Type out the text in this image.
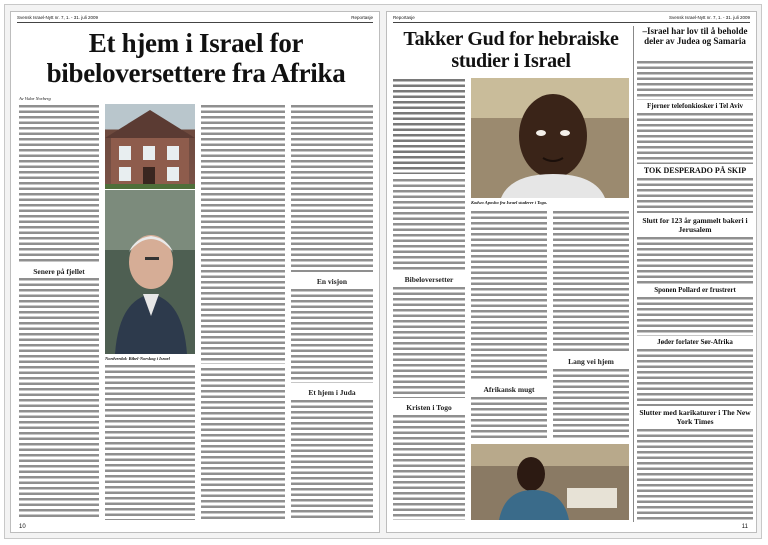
Svensk Israel-Nytt nr. 7, 1. - 31. juli 2009	Reportasje
Et hjem i Israel for bibeloversettere fra Afrika
Av Vidar Norberg
Senere på fjellet
Nordverdal: Bibel-Norskog i Israel
En visjon
Et hjem i Juda
10
Reportasje	Svensk Israel-Nytt nr. 7, 1. - 31. juli 2009
Takker Gud for hebraiske studier i Israel
Kodwo Aposho fra Israel studerer i Togo.
Bibeloversetter
Kristen i Togo
Afrikansk mugt
Lang vei hjem
–Israel har lov til å beholde deler av Judea og Samaria
Fjerner telefonkiosker i Tel Aviv
TOK DESPERADO PÅ SKIP
Slutt for 123 år gammelt bakeri i Jerusalem
Sponen Pollard er frustrert
Jøder forlater Sør-Afrika
Slutter med karikaturer i The New York Times
11
